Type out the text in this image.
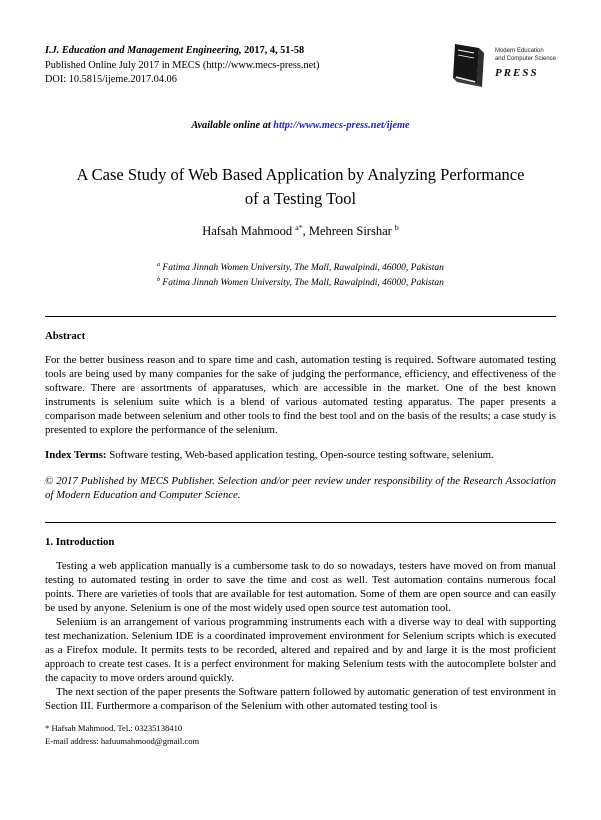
I.J. Education and Management Engineering, 2017, 4, 51-58
Published Online July 2017 in MECS (http://www.mecs-press.net)
DOI: 10.5815/ijeme.2017.04.06
Modern Education
and Computer Science
PRESS
Available online at http://www.mecs-press.net/ijeme
A Case Study of Web Based Application by Analyzing Performance
of a Testing Tool
Hafsah Mahmood $^{a*}$, Mehreen Sirshar $^b$
$^a$ Fatima Jinnah Women University, The Mall, Rawalpindi, 46000, Pakistan
$^b$ Fatima Jinnah Women University, The Mall, Rawalpindi, 46000, Pakistan
Abstract

For the better business reason and to spare time and cash, automation testing is required. Software automated testing tools are being used by many companies for the sake of judging the performance, efficiency, and effectiveness of the software. There are assortments of apparatuses, which are accessible in the market. One of the best known instruments is selenium suite which is a blend of various automated testing apparatus. The paper presents a comparison made between selenium and other tools to find the best tool and on the basis of the results; a case study is presented to explore the performance of the selenium.

Index Terms: Software testing, Web-based application testing, Open-source testing software, selenium.

© 2017 Published by MECS Publisher. Selection and/or peer review under responsibility of the Research Association of Modern Education and Computer Science.

1. Introduction

Testing a web application manually is a cumbersome task to do so nowadays, testers have moved on from manual testing to automated testing in order to save the time and cost as well. Test automation contains numerous focal points. There are varieties of tools that are available for test automation. Some of them are open source and can easily be used by anyone. Selenium is one of the most widely used open source test automation tool.

Selenium is an arrangement of various programming instruments each with a diverse way to deal with supporting test mechanization. Selenium IDE is a coordinated improvement environment for Selenium scripts which is executed as a Firefox module. It permits tests to be recorded, altered and repaired and by and large it is the most proficient approach to create test cases. It is a perfect environment for making Selenium tests with the autocomplete bolster and the capacity to move orders around quickly.

The next section of the paper presents the Software pattern followed by automatic generation of test environment in Section III. Furthermore a comparison of the Selenium with other automated testing tool is

* Hafsah Mahmood. Tel.: 03235138410
E-mail address: hafuumahmood@gmail.com
